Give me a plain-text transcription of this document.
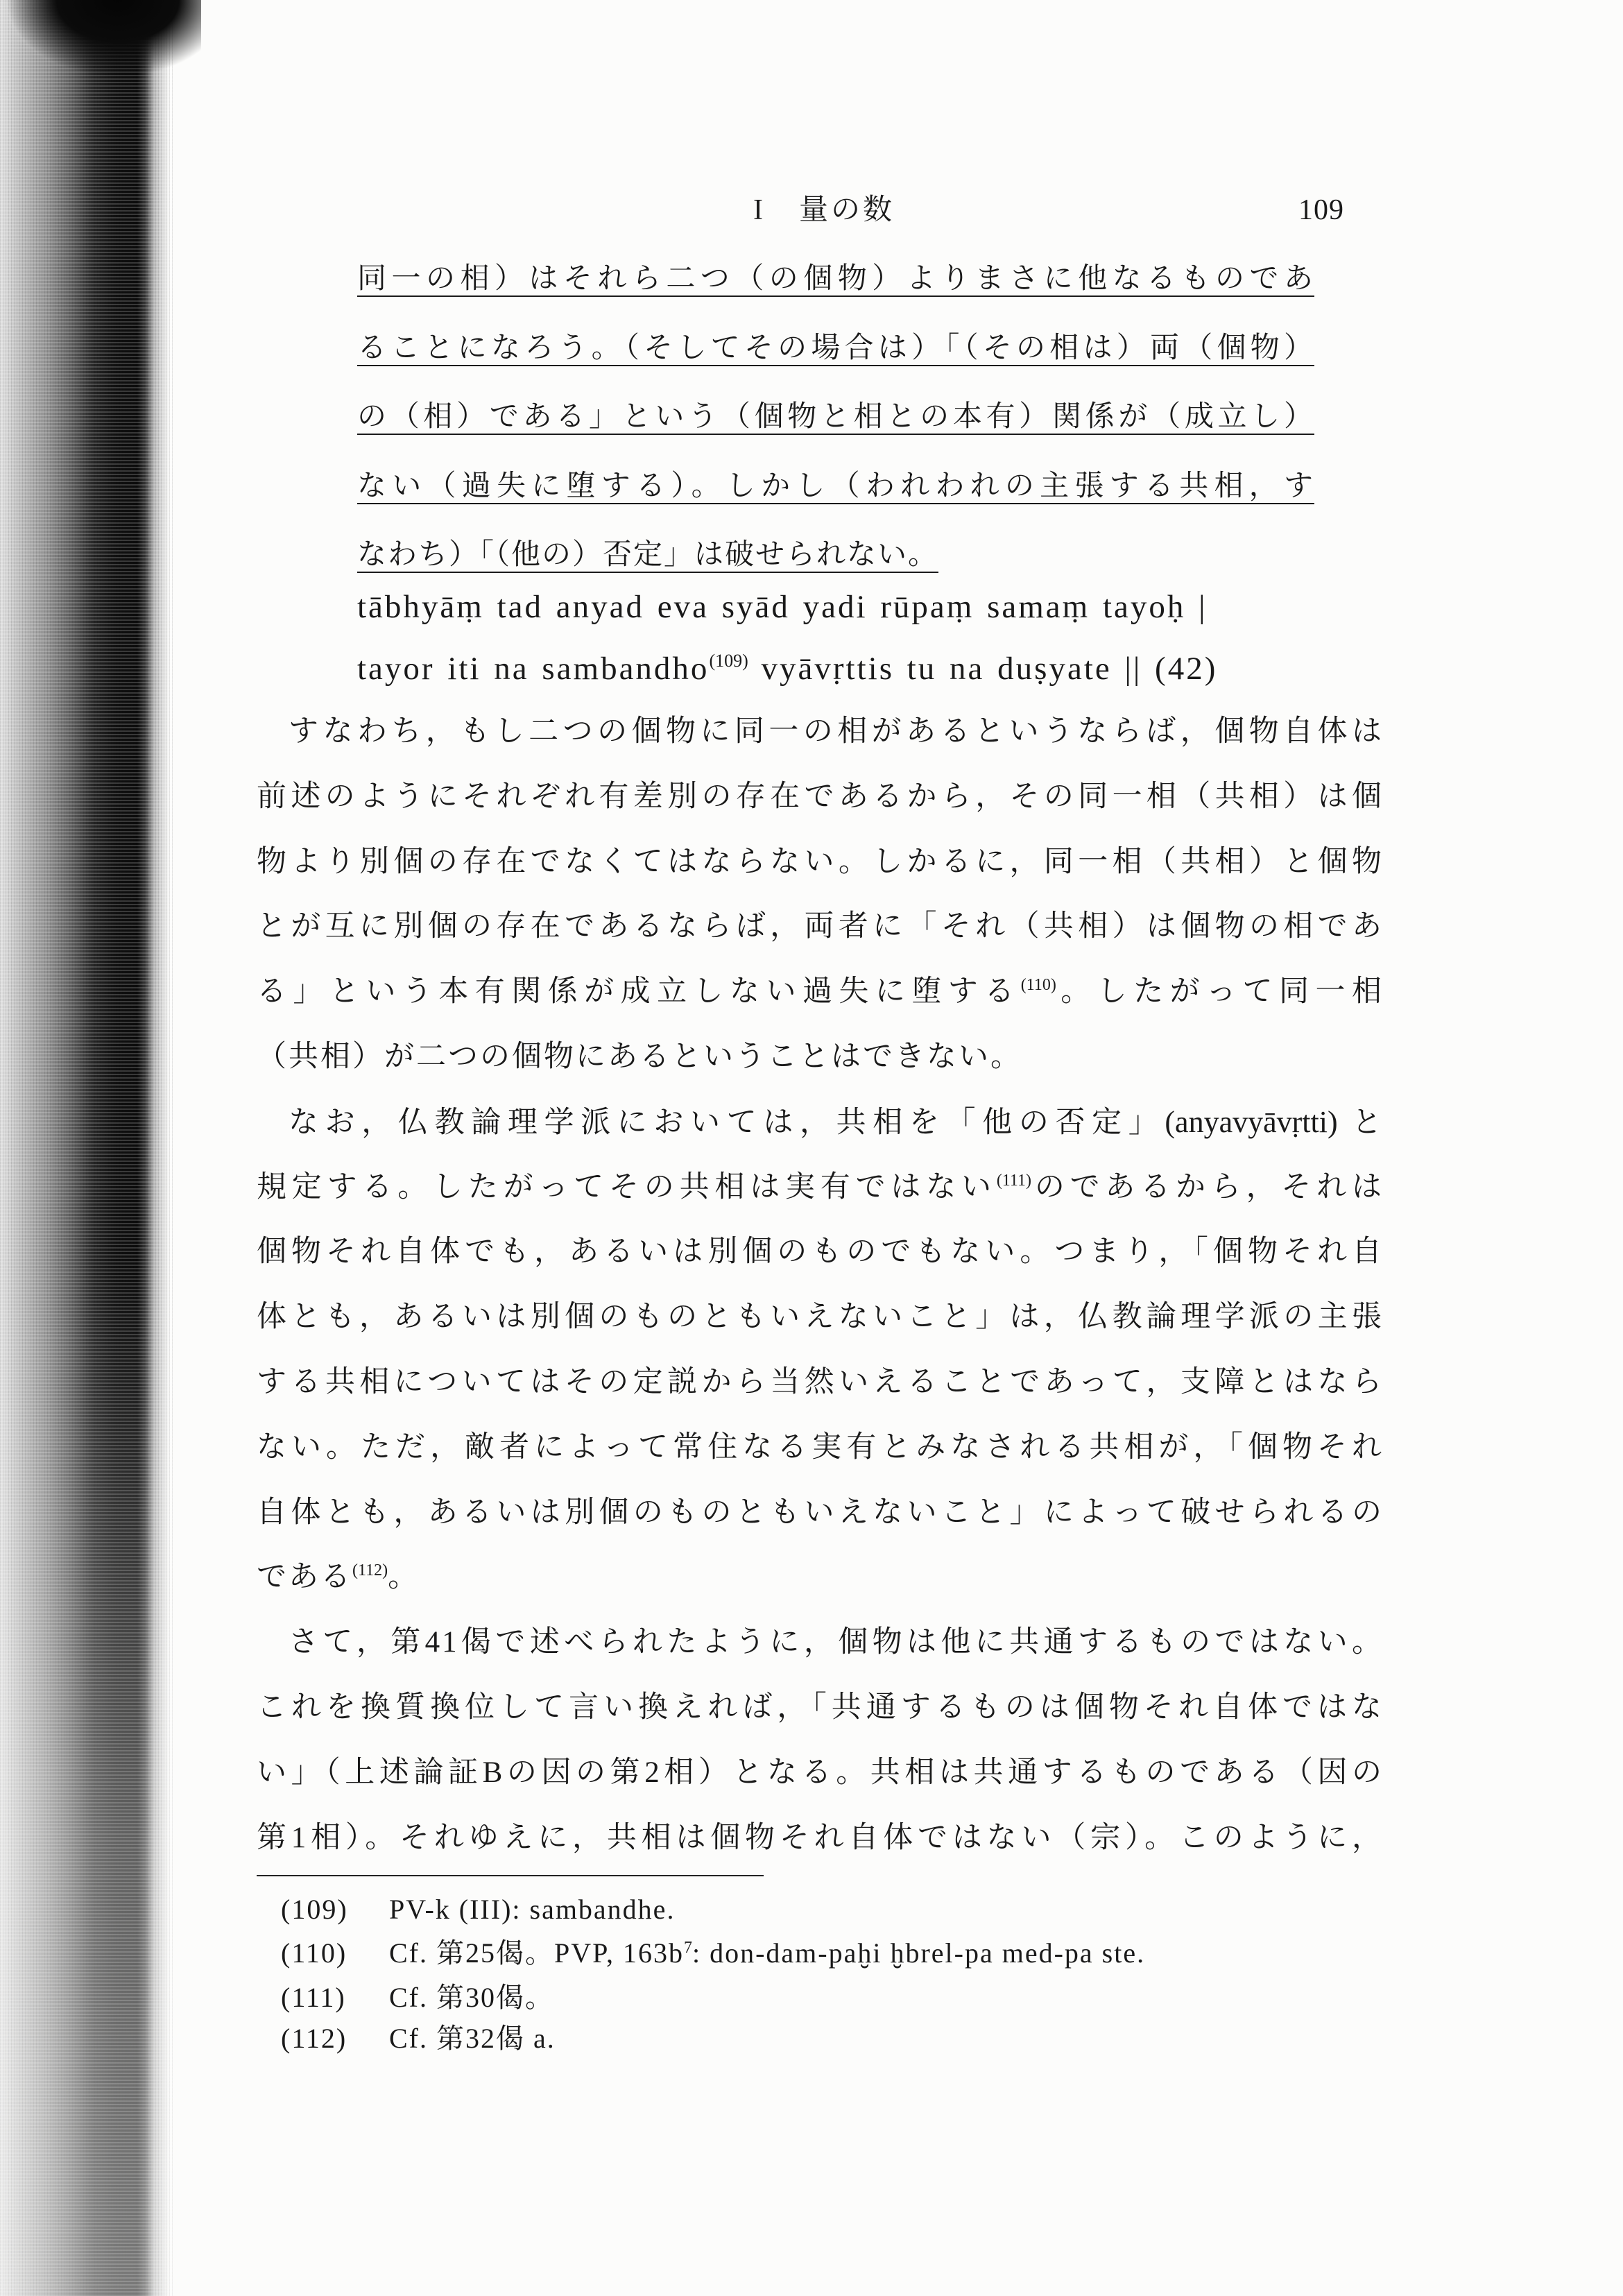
I 量の数	109
同一の相）はそれら二つ（の個物）よりまさに他なるものであ
ることになろう。（そしてその場合は）「（その相は）両（個物）
の（相）である」という（個物と相との本有）関係が（成立し）
ない（過失に堕する）。しかし（われわれの主張する共相，す
なわち）「（他の）否定」は破せられない。
tābhyāṃ tad anyad eva syād yadi rūpaṃ samaṃ tayoḥ |
tayor iti na sambandho$^{(109)}$ vyāvṛttis tu na duṣyate || (42)
すなわち，もし二つの個物に同一の相があるというならば，個物自体は
前述のようにそれぞれ有差別の存在であるから，その同一相（共相）は個
物より別個の存在でなくてはならない。しかるに，同一相（共相）と個物
とが互に別個の存在であるならば，両者に「それ（共相）は個物の相であ
る」という本有関係が成立しない過失に堕する$^{(110)}$。したがって同一相
（共相）が二つの個物にあるということはできない。
なお，仏教論理学派においては，共相を「他の否定」(anyavyāvṛtti) と
規定する。したがってその共相は実有ではない$^{(111)}$のであるから，それは
個物それ自体でも，あるいは別個のものでもない。つまり，「個物それ自
体とも，あるいは別個のものともいえないこと」は，仏教論理学派の主張
する共相についてはその定説から当然いえることであって，支障とはなら
ない。ただ，敵者によって常住なる実有とみなされる共相が，「個物それ
自体とも，あるいは別個のものともいえないこと」によって破せられるの
である$^{(112)}$。
さて，第41偈で述べられたように，個物は他に共通するものではない。
これを換質換位して言い換えれば，「共通するものは個物それ自体ではな
い」（上述論証Bの因の第2相）となる。共相は共通するものである（因の
第1相）。それゆえに，共相は個物それ自体ではない（宗）。このように，
(109) PV-k (III): sambandhe.
(110) Cf. 第25偈。PVP, 163b$^7$: don-dam-paḫi ḫbrel-pa med-pa ste.
(111) Cf. 第30偈。
(112) Cf. 第32偈 a.
